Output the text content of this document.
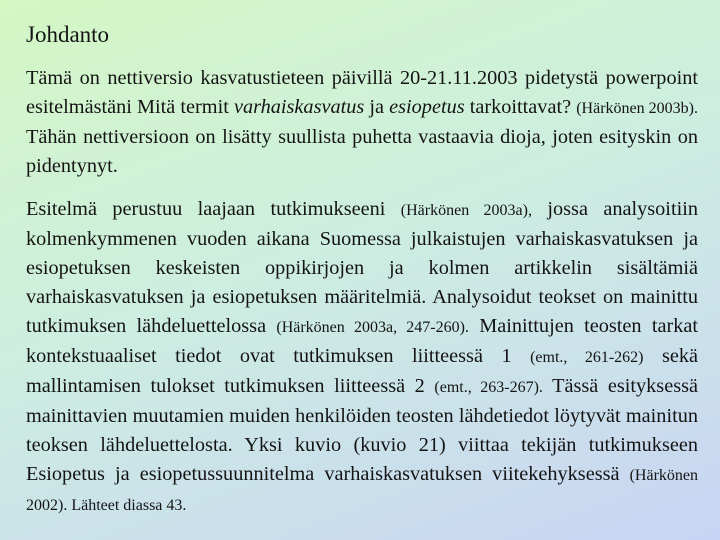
Johdanto
Tämä on nettiversio kasvatustieteen päivillä 20-21.11.2003 pidetystä powerpoint esitelmästäni Mitä termit varhaiskasvatus ja esiopetus tarkoittavat? (Härkönen 2003b). Tähän nettiversioon on lisätty suullista puhetta vastaavia dioja, joten esityskin on pidentynyt.
Esitelmä perustuu laajaan tutkimukseeni (Härkönen 2003a), jossa analysoitiin kolmenkymmenen vuoden aikana Suomessa julkaistujen varhaiskasvatuksen ja esiopetuksen keskeisten oppikirjojen ja kolmen artikkelin sisältämiä varhaiskasvatuksen ja esiopetuksen määritelmiä. Analysoidut teokset on mainittu tutkimuksen lähdeluettelossa (Härkönen 2003a, 247-260). Mainittujen teosten tarkat kontekstuaaliset tiedot ovat tutkimuksen liitteessä 1 (emt., 261-262) sekä mallintamisen tulokset tutkimuksen liitteessä 2 (emt., 263-267). Tässä esityksessä mainittavien muutamien muiden henkilöiden teosten lähdetiedot löytyvät mainitun teoksen lähdeluettelosta. Yksi kuvio (kuvio 21) viittaa tekijän tutkimukseen Esiopetus ja esiopetussuunnitelma varhaiskasvatuksen viitekehyksessä (Härkönen 2002). Lähteet diassa 43.
